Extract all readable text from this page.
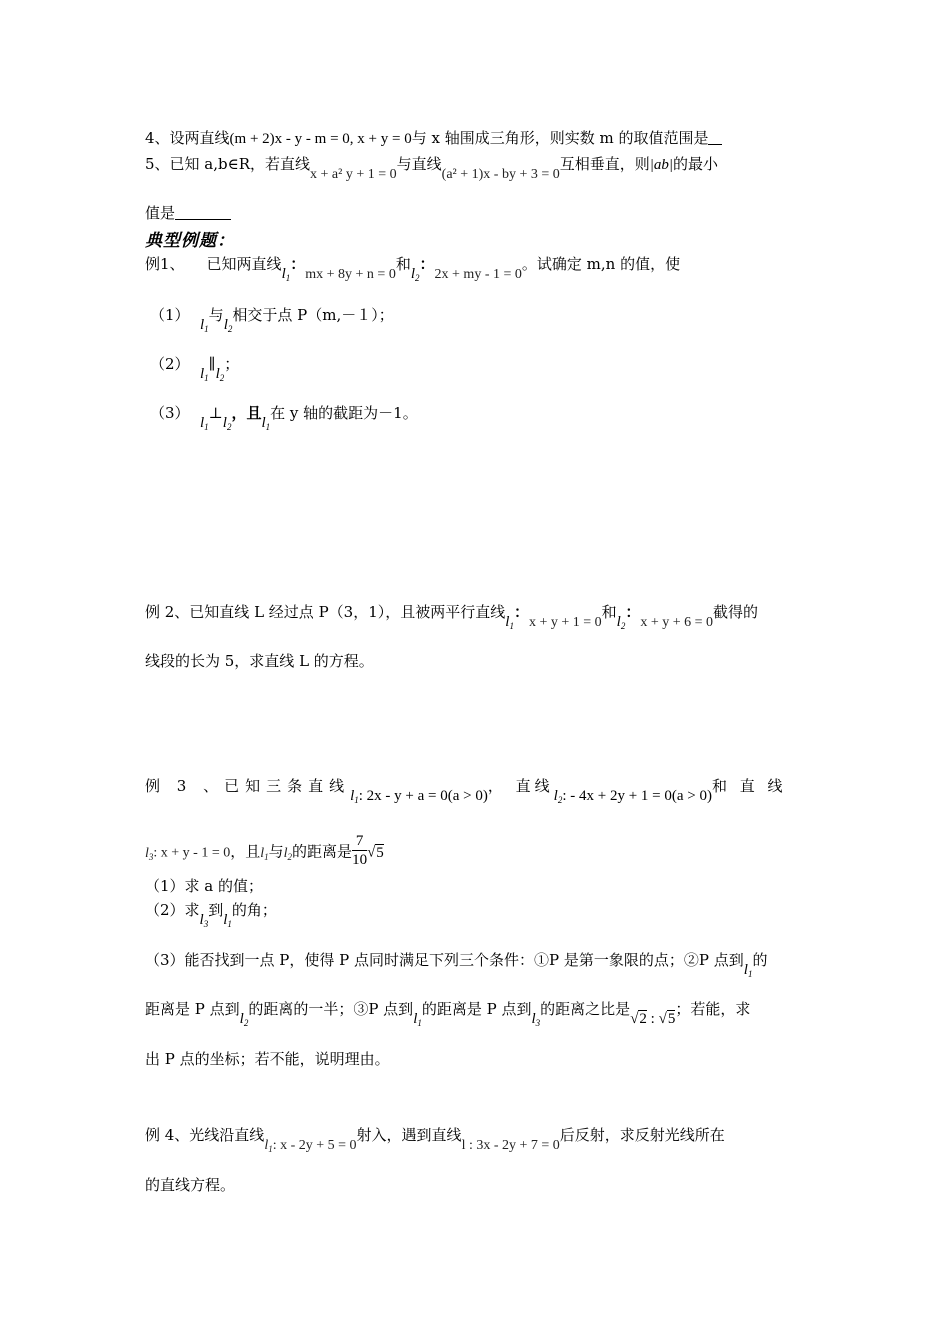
4、设两直线(m + 2)x - y - m = 0, x + y = 0与 x 轴围成三角形，则实数 m 的取值范围是
5、已知 a,b∈R，若直线x + a² y + 1 = 0与直线(a² + 1)x - by + 3 = 0互相垂直，则|ab|的最小
值是
典型例题：
例1、 已知两直线$l_1$：mx + 8y + n = 0和$l_2$：2x + my - 1 = 0。试确定 m,n 的值，使
（1）
$l_1$与$l_2$相交于点 P（m,－１）；
（2）
$l_1\parallel l_2$；
（3）
$l_1\perp l_2$，且$l_1$在 y 轴的截距为－1。
例 2、已知直线 L 经过点 P（3，1），且被两平行直线$l_1$：x + y + 1 = 0和$l_2$：x + y + 6 = 0截得的
线段的长为 5，求直线 L 的方程。
例 3 、已知三条直线$l_1$: 2x - y + a = 0(a > 0)， 直线$l_2$: - 4x + 2y + 1 = 0(a > 0)和 直 线
$l_3$: x + y - 1 = 0，且$l_1$与$l_2$的距离是 $\frac{7}{10} √5$
（1）求 a 的值；
（2）求$l_3$到$l_1$的角；
（3）能否找到一点 P，使得 P 点同时满足下列三个条件：①P 是第一象限的点；②P 点到$l_1$的
距离是 P 点到$l_2$的距离的一半；③P 点到$l_1$的距离是 P 点到$l_3$的距离之比是√2 : √5；若能，求
出 P 点的坐标；若不能，说明理由。
例 4、光线沿直线$l_1$: x - 2y + 5 = 0射入，遇到直线l : 3x - 2y + 7 = 0后反射，求反射光线所在
的直线方程。
